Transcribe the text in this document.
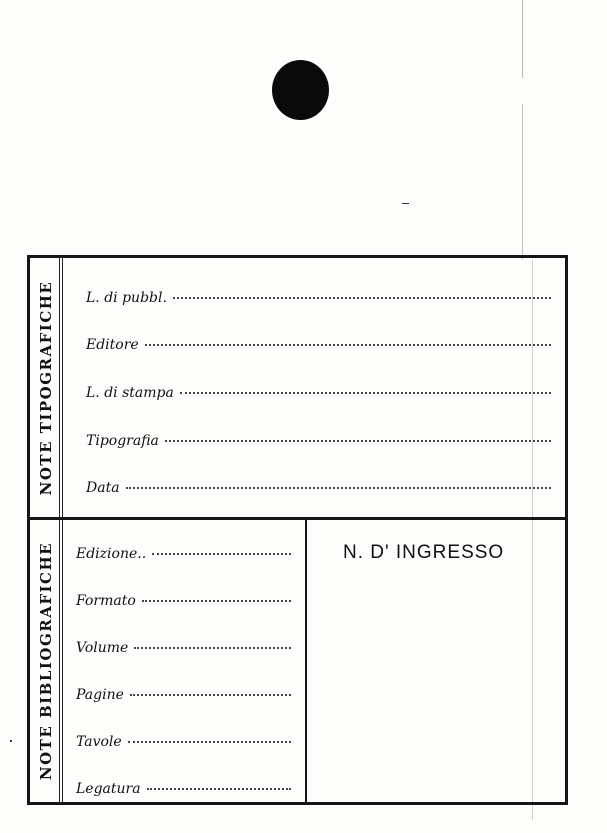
NOTE TIPOGRAFICHE L. di pubbl.
Editore
L. di stampa
Tipografia
Data
NOTE BIBLIOGRAFICHE Edizione..
Formato
Volume
Pagine
Tavole
Legatura
N. D' INGRESSO
